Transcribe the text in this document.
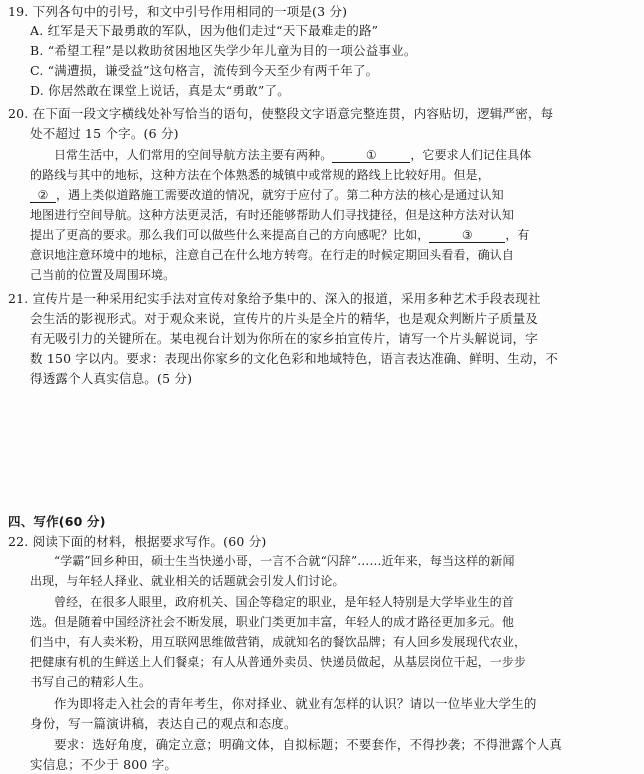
19. 下列各句中的引号，和文中引号作用相同的一项是(3 分)
A. 红军是天下最勇敢的军队，因为他们走过“天下最难走的路”
B. “希望工程”是以救助贫困地区失学少年儿童为目的一项公益事业。
C. “满遭损，谦受益”这句格言，流传到今天至少有两千年了。
D. 你居然敢在课堂上说话，真是太“勇敢”了。
20. 在下面一段文字横线处补写恰当的语句，使整段文字语意完整连贯，内容贴切，逻辑严密，每
处不超过 15 个字。(6 分)
日常生活中，人们常用的空间导航方法主要有两种。	①	，它要求人们记住具体
的路线与其中的地标，这种方法在个体熟悉的城镇中或常规的路线上比较好用。但是，
② ，遇上类似道路施工需要改道的情况，就穷于应付了。第二种方法的核心是通过认知
地图进行空间导航。这种方法更灵活，有时还能够帮助人们寻找捷径，但是这种方法对认知
提出了更高的要求。那么我们可以做些什么来提高自己的方向感呢？比如，	③	，有
意识地注意环境中的地标，注意自己在什么地方转弯。在行走的时候定期回头看看，确认自
己当前的位置及周围环境。
21. 宣传片是一种采用纪实手法对宣传对象给予集中的、深入的报道，采用多种艺术手段表现社
会生活的影视形式。对于观众来说，宣传片的片头是全片的精华，也是观众判断片子质量及
有无吸引力的关键所在。某电视台计划为你所在的家乡拍宣传片，请写一个片头解说词，字
数 150 字以内。要求：表现出你家乡的文化色彩和地域特色，语言表达准确、鲜明、生动，不
得透露个人真实信息。(5 分)
四、写作(60 分)
22. 阅读下面的材料，根据要求写作。(60 分)
“学霸”回乡种田，硕士生当快递小哥，一言不合就“闪辞”……近年来，每当这样的新闻
出现，与年轻人择业、就业相关的话题就会引发人们讨论。
曾经，在很多人眼里，政府机关、国企等稳定的职业，是年轻人特别是大学毕业生的首
选。但是随着中国经济社会不断发展，职业门类更加丰富，年轻人的成才路径更加多元。他
们当中，有人卖米粉，用互联网思维做营销，成就知名的餐饮品牌；有人回乡发展现代农业，
把健康有机的生鲜送上人们餐桌；有人从普通外卖员、快递员做起，从基层岗位干起，一步步
书写自己的精彩人生。
作为即将走入社会的青年考生，你对择业、就业有怎样的认识？请以一位毕业大学生的
身份，写一篇演讲稿，表达自己的观点和态度。
要求：选好角度，确定立意；明确文体，自拟标题；不要套作，不得抄袭；不得泄露个人真
实信息；不少于 800 字。
